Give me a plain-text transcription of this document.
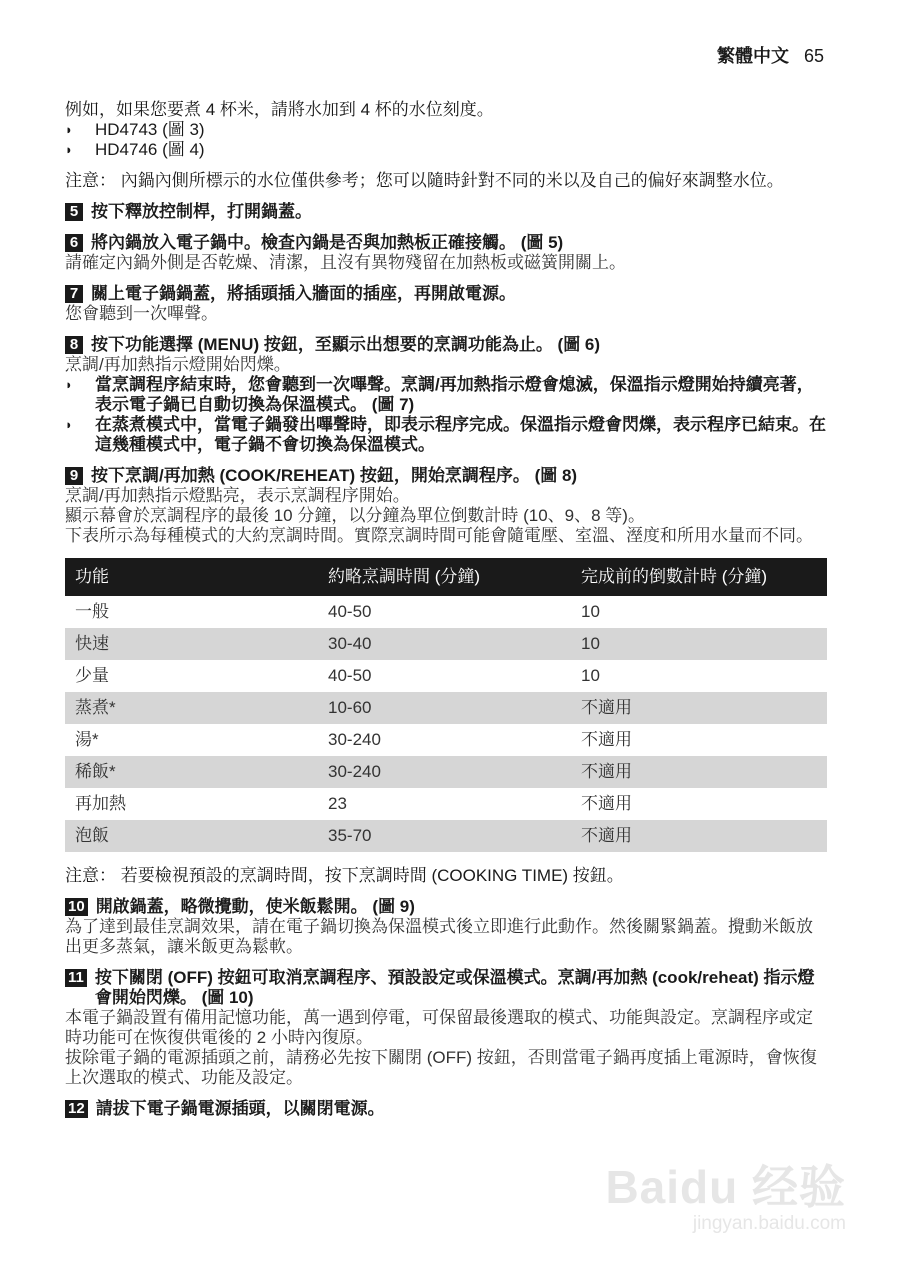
繁體中文 65

例如，如果您要煮 4 杯米，請將水加到 4 杯的水位刻度。

◗	HD4743 (圖 3)
◗	HD4746 (圖 4)

注意： 內鍋內側所標示的水位僅供參考；您可以隨時針對不同的米以及自己的偏好來調整水位。

5 按下釋放控制桿，打開鍋蓋。
6 將內鍋放入電子鍋中。檢查內鍋是否與加熱板正確接觸。 (圖 5)

請確定內鍋外側是否乾燥、清潔，且沒有異物殘留在加熱板或磁簧開關上。

7 關上電子鍋鍋蓋，將插頭插入牆面的插座，再開啟電源。

您會聽到一次嗶聲。

8 按下功能選擇 (MENU) 按鈕，至顯示出想要的烹調功能為止。 (圖 6)

烹調/再加熱指示燈開始閃爍。

◗	當烹調程序結束時，您會聽到一次嗶聲。烹調/再加熱指示燈會熄滅，保溫指示燈開始持續亮著，表示電子鍋已自動切換為保溫模式。 (圖 7)
◗	在蒸煮模式中，當電子鍋發出嗶聲時，即表示程序完成。保溫指示燈會閃爍，表示程序已結束。在這幾種模式中，電子鍋不會切換為保溫模式。
9 按下烹調/再加熱 (COOK/REHEAT) 按鈕，開始烹調程序。 (圖 8)

烹調/再加熱指示燈點亮，表示烹調程序開始。

顯示幕會於烹調程序的最後 10 分鐘，以分鐘為單位倒數計時 (10、9、8 等)。

下表所示為每種模式的大約烹調時間。實際烹調時間可能會隨電壓、室溫、溼度和所用水量而不同。

功能	約略烹調時間 (分鐘)	完成前的倒數計時 (分鐘)
一般	40-50	10
快速	30-40	10
少量	40-50	10
蒸煮*	10-60	不適用
湯*	30-240	不適用
稀飯*	30-240	不適用
再加熱	23	不適用
泡飯	35-70	不適用

注意： 若要檢視預設的烹調時間，按下烹調時間 (COOKING TIME) 按鈕。

10 開啟鍋蓋，略微攪動，使米飯鬆開。 (圖 9)

為了達到最佳烹調效果，請在電子鍋切換為保溫模式後立即進行此動作。然後關緊鍋蓋。攪動米飯放出更多蒸氣，讓米飯更為鬆軟。

11 按下關閉 (OFF) 按鈕可取消烹調程序、預設設定或保溫模式。烹調/再加熱 (cook/reheat) 指示燈會開始閃爍。 (圖 10)

本電子鍋設置有備用記憶功能，萬一遇到停電，可保留最後選取的模式、功能與設定。烹調程序或定時功能可在恢復供電後的 2 小時內復原。

拔除電子鍋的電源插頭之前，請務必先按下關閉 (OFF) 按鈕，否則當電子鍋再度插上電源時，會恢復上次選取的模式、功能及設定。

12 請拔下電子鍋電源插頭，以關閉電源。
Baidu 经验
jingyan.baidu.com
